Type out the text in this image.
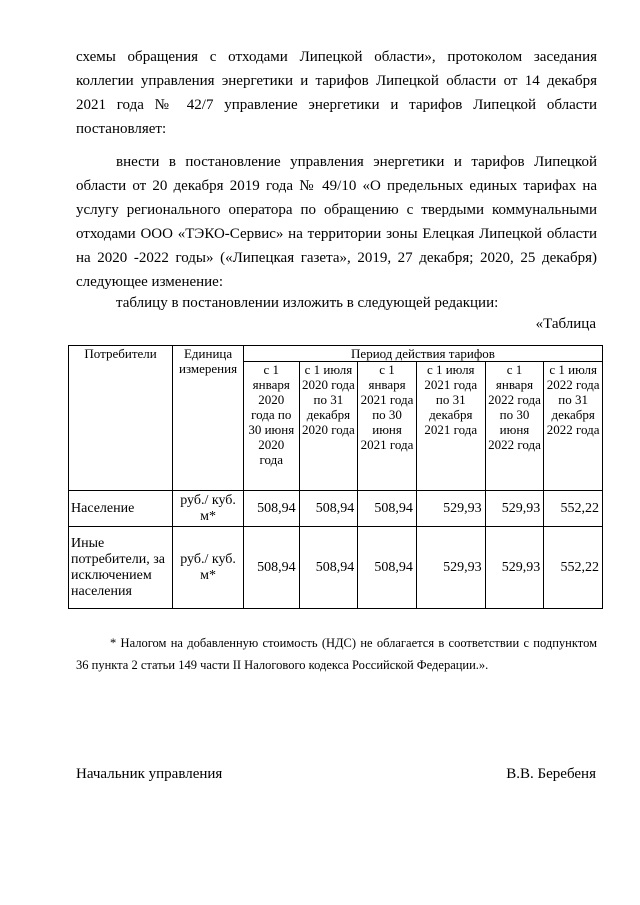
схемы обращения с отходами Липецкой области», протоколом заседания коллегии управления энергетики и тарифов Липецкой области от 14 декабря 2021 года № 42/7 управление энергетики и тарифов Липецкой области постановляет:
внести в постановление управления энергетики и тарифов Липецкой области от 20 декабря 2019 года № 49/10 «О предельных единых тарифах на услугу регионального оператора по обращению с твердыми коммунальными отходами ООО «ТЭКО-Сервис» на территории зоны Елецкая Липецкой области на 2020 -2022 годы» («Липецкая газета», 2019, 27 декабря; 2020, 25 декабря) следующее изменение:
таблицу в постановлении изложить в следующей редакции:
«Таблица
Потребители	Единица измерения	Период действия тарифов					
		с 1 января 2020 года по 30 июня 2020 года	с 1 июля 2020 года по 31 декабря 2020 года	с 1 января 2021 года по 30 июня 2021 года	с 1 июля 2021 года по 31 декабря 2021 года	с 1 января 2022 года по 30 июня 2022 года	с 1 июля 2022 года по 31 декабря 2022 года
Население	руб./ куб. м*	508,94	508,94	508,94	529,93	529,93	552,22
Иные потребители, за исключением населения	руб./ куб. м*	508,94	508,94	508,94	529,93	529,93	552,22
* Налогом на добавленную стоимость (НДС) не облагается в соответствии с подпунктом 36 пункта 2 статьи 149 части II Налогового кодекса Российской Федерации.».
Начальник управления	В.В. Беребеня
